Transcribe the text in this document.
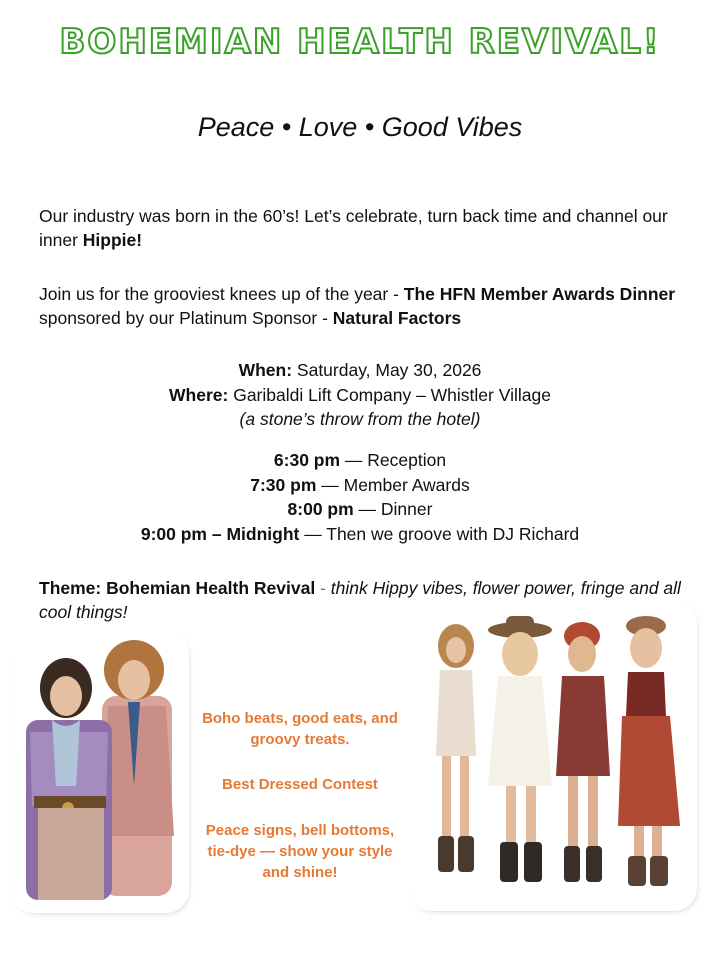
BOHEMIAN HEALTH REVIVAL!
Peace • Love • Good Vibes
Our industry was born in the 60’s! Let’s celebrate, turn back time and channel our inner Hippie!
Join us for the grooviest knees up of the year - The HFN Member Awards Dinner sponsored by our Platinum Sponsor - Natural Factors
When: Saturday, May 30, 2026
Where: Garibaldi Lift Company – Whistler Village
(a stone’s throw from the hotel)
6:30 pm — Reception
7:30 pm — Member Awards
8:00 pm — Dinner
9:00 pm – Midnight — Then we groove with DJ Richard
Theme: Bohemian Health Revival - think Hippy vibes, flower power, fringe and all cool things!
Boho beats, good eats, and groovy treats.
Best Dressed Contest
Peace signs, bell bottoms, tie-dye — show your style and shine!
